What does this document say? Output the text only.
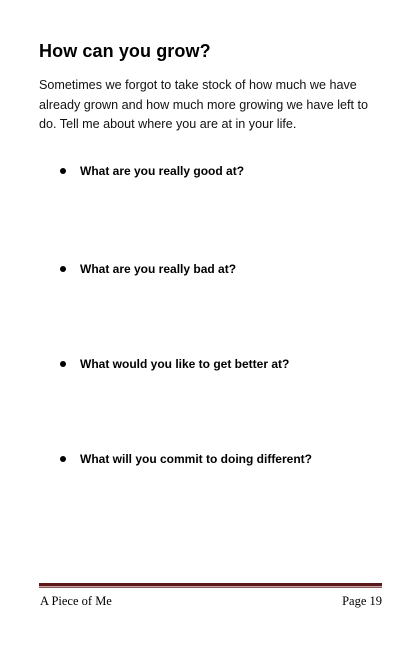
How can you grow?

Sometimes we forgot to take stock of how much we have already grown and how much more growing we have left to do. Tell me about where you are at in your life.

What are you really good at?
What are you really bad at?
What would you like to get better at?
What will you commit to doing different?
A Piece of Me	Page 19
